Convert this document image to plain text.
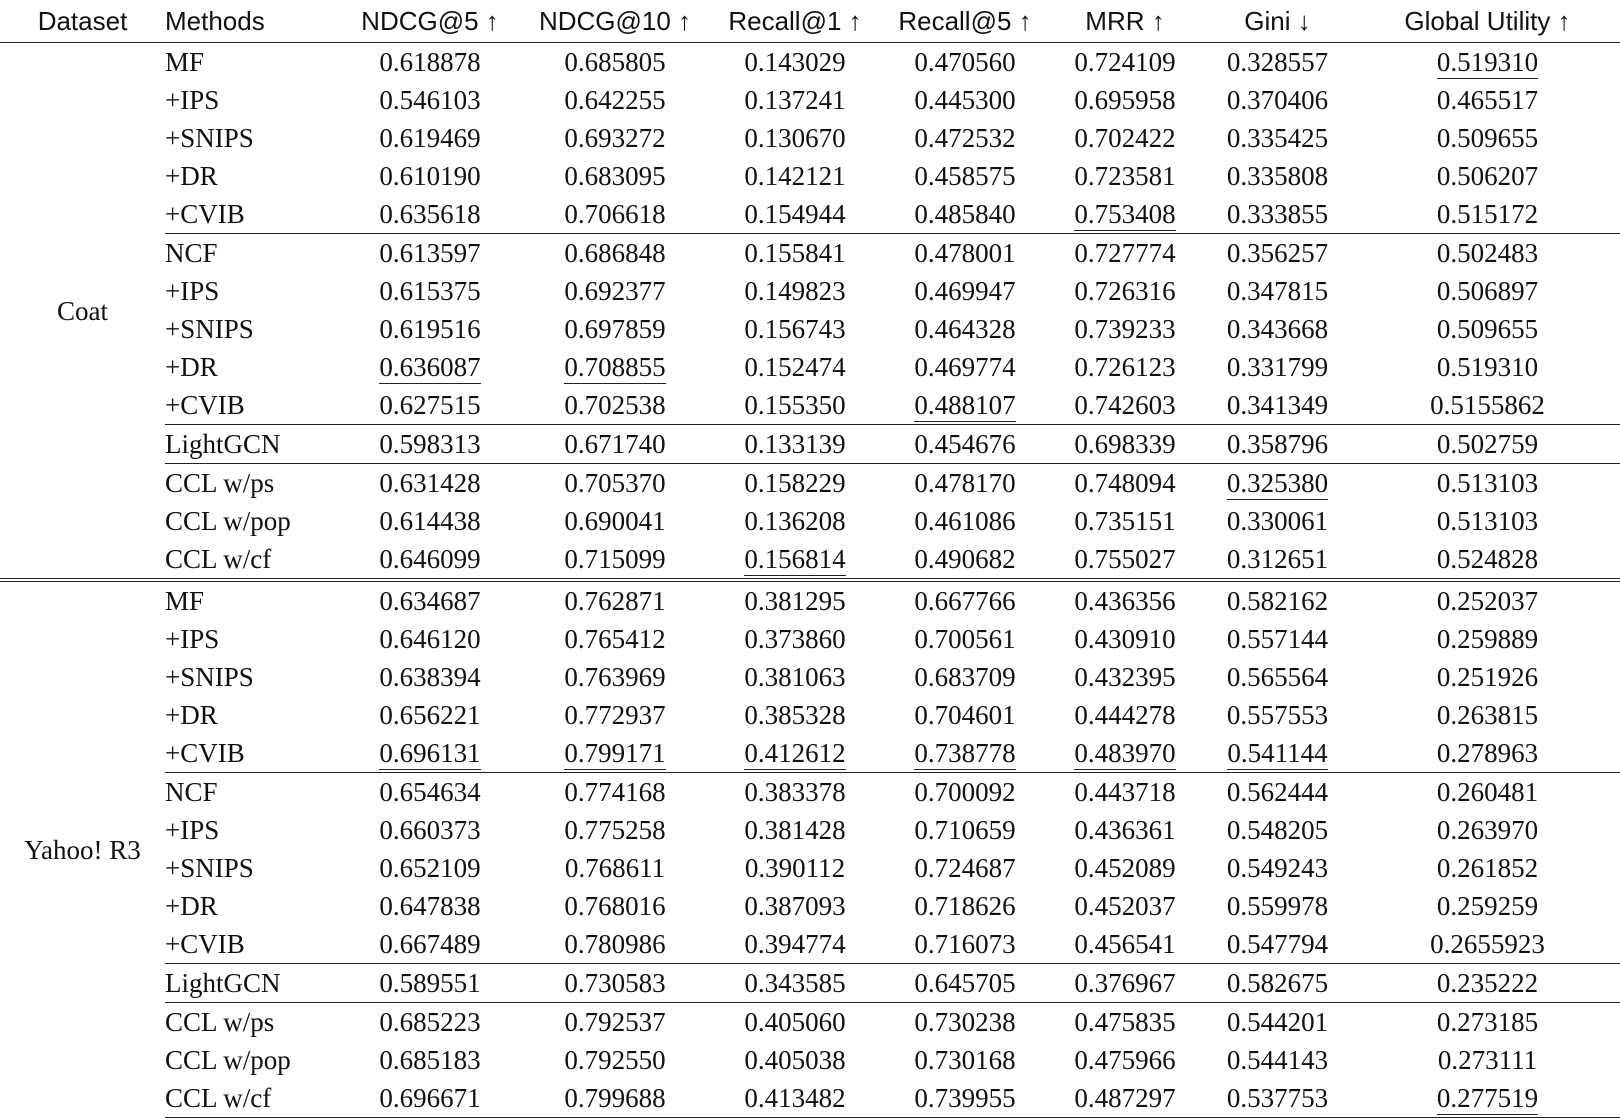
Dataset	Methods	NDCG@5 ↑	NDCG@10 ↑	Recall@1 ↑	Recall@5 ↑	MRR ↑	Gini ↓	Global Utility ↑
Coat	MF	0.618878	0.685805	0.143029	0.470560	0.724109	0.328557	0.519310
	+IPS	0.546103	0.642255	0.137241	0.445300	0.695958	0.370406	0.465517
	+SNIPS	0.619469	0.693272	0.130670	0.472532	0.702422	0.335425	0.509655
	+DR	0.610190	0.683095	0.142121	0.458575	0.723581	0.335808	0.506207
	+CVIB	0.635618	0.706618	0.154944	0.485840	0.753408	0.333855	0.515172
	NCF	0.613597	0.686848	0.155841	0.478001	0.727774	0.356257	0.502483
	+IPS	0.615375	0.692377	0.149823	0.469947	0.726316	0.347815	0.506897
	+SNIPS	0.619516	0.697859	0.156743	0.464328	0.739233	0.343668	0.509655
	+DR	0.636087	0.708855	0.152474	0.469774	0.726123	0.331799	0.519310
	+CVIB	0.627515	0.702538	0.155350	0.488107	0.742603	0.341349	0.5155862
	LightGCN	0.598313	0.671740	0.133139	0.454676	0.698339	0.358796	0.502759
	CCL w/ps	0.631428	0.705370	0.158229	0.478170	0.748094	0.325380	0.513103
	CCL w/pop	0.614438	0.690041	0.136208	0.461086	0.735151	0.330061	0.513103
	CCL w/cf	0.646099	0.715099	0.156814	0.490682	0.755027	0.312651	0.524828
Yahoo! R3	MF	0.634687	0.762871	0.381295	0.667766	0.436356	0.582162	0.252037
	+IPS	0.646120	0.765412	0.373860	0.700561	0.430910	0.557144	0.259889
	+SNIPS	0.638394	0.763969	0.381063	0.683709	0.432395	0.565564	0.251926
	+DR	0.656221	0.772937	0.385328	0.704601	0.444278	0.557553	0.263815
	+CVIB	0.696131	0.799171	0.412612	0.738778	0.483970	0.541144	0.278963
	NCF	0.654634	0.774168	0.383378	0.700092	0.443718	0.562444	0.260481
	+IPS	0.660373	0.775258	0.381428	0.710659	0.436361	0.548205	0.263970
	+SNIPS	0.652109	0.768611	0.390112	0.724687	0.452089	0.549243	0.261852
	+DR	0.647838	0.768016	0.387093	0.718626	0.452037	0.559978	0.259259
	+CVIB	0.667489	0.780986	0.394774	0.716073	0.456541	0.547794	0.2655923
	LightGCN	0.589551	0.730583	0.343585	0.645705	0.376967	0.582675	0.235222
	CCL w/ps	0.685223	0.792537	0.405060	0.730238	0.475835	0.544201	0.273185
	CCL w/pop	0.685183	0.792550	0.405038	0.730168	0.475966	0.544143	0.273111
	CCL w/cf	0.696671	0.799688	0.413482	0.739955	0.487297	0.537753	0.277519
